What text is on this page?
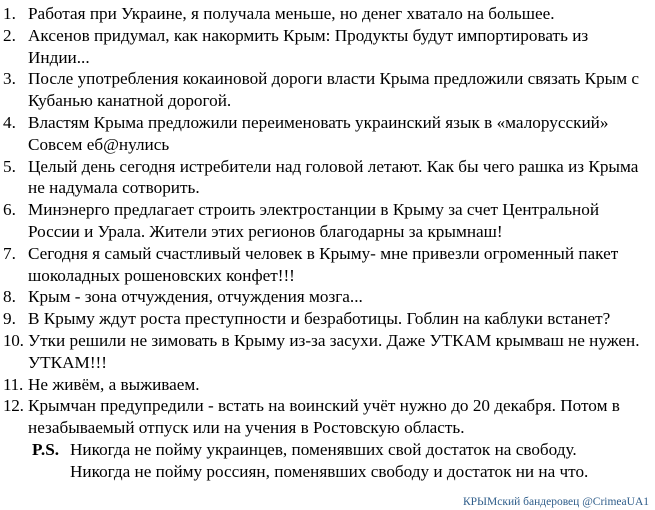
1. Работая при Украине, я получала меньше, но денег хватало на большее.
2. Аксенов придумал, как накормить Крым: Продукты будут импортировать из Индии...
3. После употребления кокаиновой дороги власти Крыма предложили связать Крым с Кубанью канатной дорогой.
4. Властям Крыма предложили переименовать украинский язык в «малорусский» Совсем еб@нулись
5. Целый день сегодня истребители над головой летают. Как бы чего рашка из Крыма не надумала сотворить.
6. Минэнерго предлагает строить электростанции в Крыму за счет Центральной России и Урала. Жители этих регионов благодарны за крымнаш!
7. Сегодня я самый счастливый человек в Крыму- мне привезли огроменный пакет шоколадных рошеновских конфет!!!
8. Крым - зона отчуждения, отчуждения мозга...
9. В Крыму ждут роста преступности и безработицы. Гоблин на каблуки встанет?
10. Утки решили не зимовать в Крыму из-за засухи. Даже УТКАМ крымваш не нужен. УТКАМ!!!
11. Не живём, а выживаем.
12. Крымчан предупредили - встать на воинский учёт нужно до 20 декабря. Потом в незабываемый отпуск или на учения в Ростовскую область.
P.S. Никогда не пойму украинцев, поменявших свой достаток на свободу.
Никогда не пойму россиян, поменявших свободу и достаток ни на что.
КРЫМский бандеровец @CrimeaUA1
